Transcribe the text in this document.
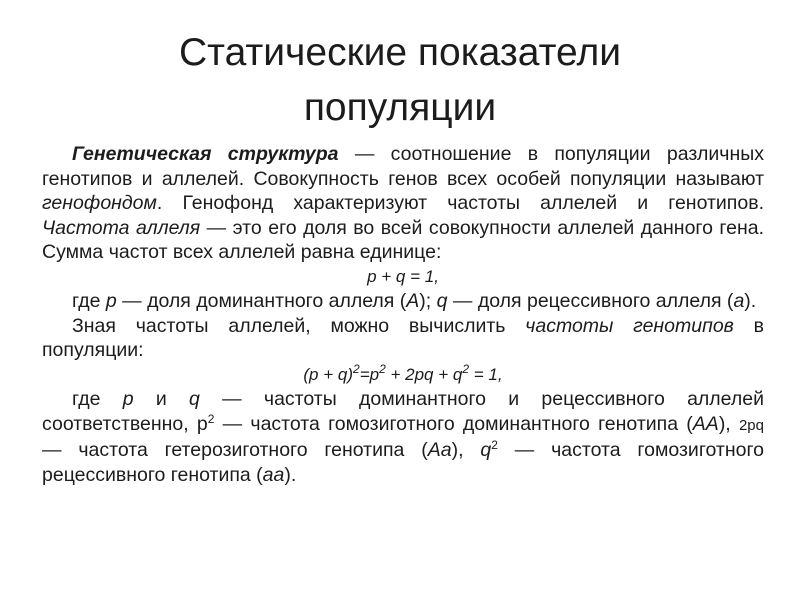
Статические показатели
популяции

Генетическая структура — соотношение в популяции различных генотипов и аллелей. Совокупность генов всех особей популяции называют генофондом. Генофонд характеризуют частоты аллелей и генотипов. Частота аллеля — это его доля во всей совокупности аллелей данного гена. Сумма частот всех аллелей равна единице:

p + q = 1,

где р — доля доминантного аллеля (А); q — доля рецессивного аллеля (а).

Зная частоты аллелей, можно вычислить частоты генотипов в популяции:

$(p + q)^2=p^2 + 2pq + q^2 = 1$,

где p и q — частоты доминантного и рецессивного аллелей соответственно, $p^2$ — частота гомозиготного доминантного генотипа (АА), 2pq — частота гетерозиготного генотипа (Аа), $q^2$ — частота гомозиготного рецессивного генотипа (аа).
